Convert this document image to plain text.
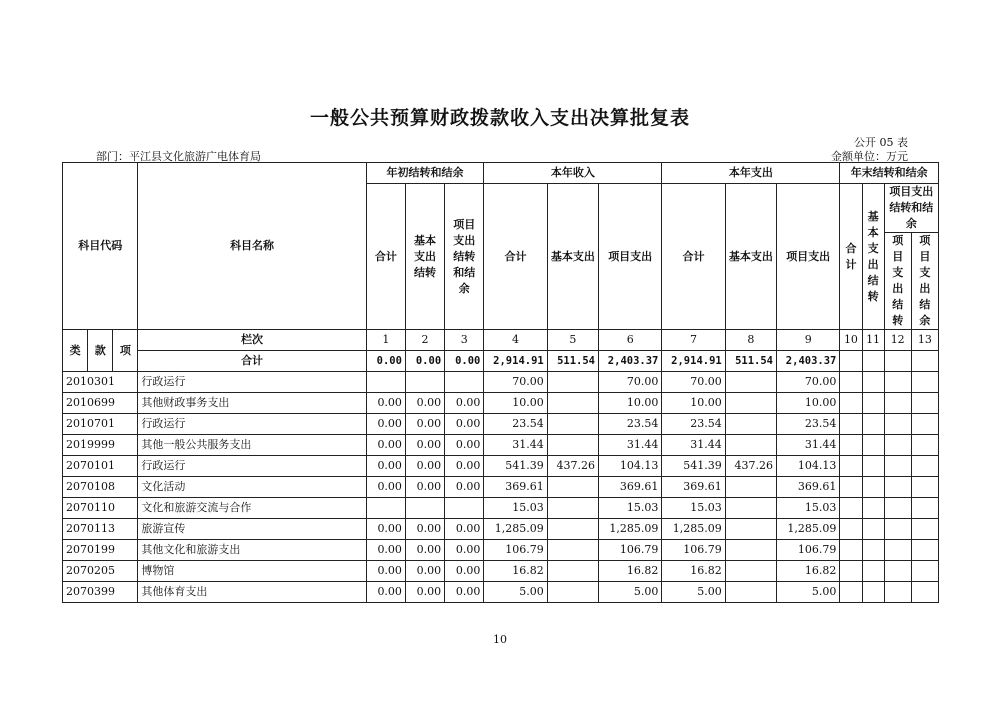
一般公共预算财政拨款收入支出决算批复表
公开 05 表
部门：平江县文化旅游广电体育局	金额单位：万元
科目代码			科目名称	年初结转和结余			本年收入			本年支出			年末结转和结余			
				合计	基本支出结转	项目支出结转和结余	合计	基本支出	项目支出	合计	基本支出	项目支出	合计	基本支出结转	项目支出结转和结余	
															项目支出结转	项目支出结余
类	款	项	栏次	1	2	3	4	5	6	7	8	9	10	11	12	13
			合计	0.00	0.00	0.00	2,914.91	511.54	2,403.37	2,914.91	511.54	2,403.37				
2010301			行政运行				70.00		70.00	70.00		70.00				
2010699			其他财政事务支出	0.00	0.00	0.00	10.00		10.00	10.00		10.00				
2010701			行政运行	0.00	0.00	0.00	23.54		23.54	23.54		23.54				
2019999			其他一般公共服务支出	0.00	0.00	0.00	31.44		31.44	31.44		31.44				
2070101			行政运行	0.00	0.00	0.00	541.39	437.26	104.13	541.39	437.26	104.13				
2070108			文化活动	0.00	0.00	0.00	369.61		369.61	369.61		369.61				
2070110			文化和旅游交流与合作				15.03		15.03	15.03		15.03				
2070113			旅游宣传	0.00	0.00	0.00	1,285.09		1,285.09	1,285.09		1,285.09				
2070199			其他文化和旅游支出	0.00	0.00	0.00	106.79		106.79	106.79		106.79				
2070205			博物馆	0.00	0.00	0.00	16.82		16.82	16.82		16.82				
2070399			其他体育支出	0.00	0.00	0.00	5.00		5.00	5.00		5.00				
10
